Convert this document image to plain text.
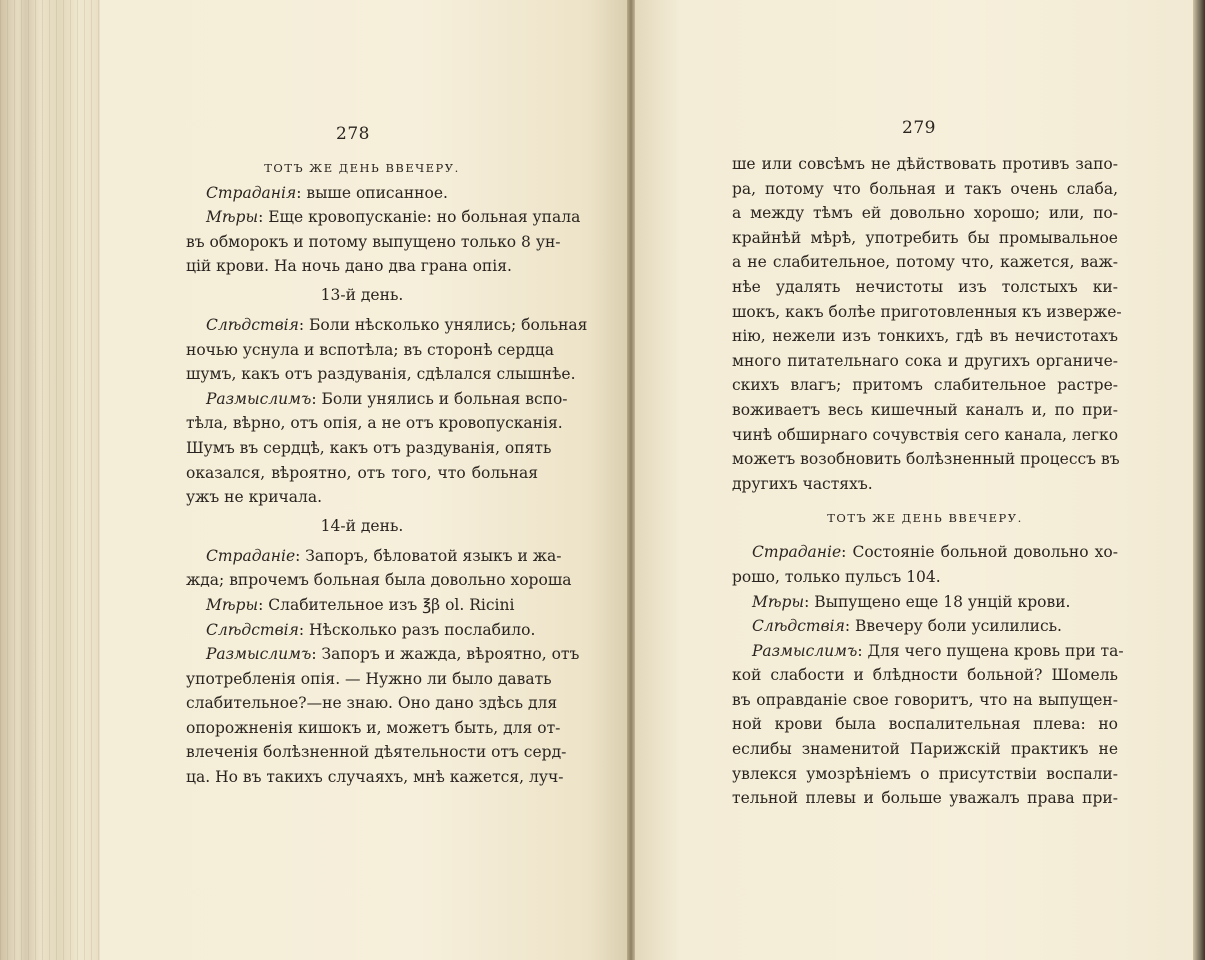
278
ТОТЪ ЖЕ ДЕНЬ ВВЕЧЕРУ.
Страданія: выше описанное.
Мѣры: Еще кровопусканіе: но больная упала
въ обморокъ и потому выпущено только 8 ун-
цій крови. На ночь дано два грана опія.
13-й день.
Слѣдствія: Боли нѣсколько унялись; больная
ночью уснула и вспотѣла; въ сторонѣ сердца
шумъ, какъ отъ раздуванія, сдѣлался слышнѣе.
Размыслимъ: Боли унялись и больная вспо-
тѣла, вѣрно, отъ опія, а не отъ кровопусканія.
Шумъ въ сердцѣ, какъ отъ раздуванія, опять
оказался, вѣроятно, отъ того, что больная
ужъ не кричала.
14-й день.
Страданіе: Запоръ, бѣловатой языкъ и жа-
жда; впрочемъ больная была довольно хороша
Мѣры: Слабительное изъ ℥β ol. Ricini
Слѣдствія: Нѣсколько разъ послабило.
Размыслимъ: Запоръ и жажда, вѣроятно, отъ
употребленія опія. — Нужно ли было давать
слабительное?—не знаю. Оно дано здѣсь для
опорожненія кишокъ и, можетъ быть, для от-
влеченія болѣзненной дѣятельности отъ серд-
ца. Но въ такихъ случаяхъ, мнѣ кажется, луч-
279
ше или совсѣмъ не дѣйствовать противъ запо-
ра, потому что больная и такъ очень слаба,
а между тѣмъ ей довольно хорошо; или, по-
крайнѣй мѣрѣ, употребить бы промывальное
а не слабительное, потому что, кажется, важ-
нѣе удалять нечистоты изъ толстыхъ ки-
шокъ, какъ болѣе приготовленныя къ изверже-
нію, нежели изъ тонкихъ, гдѣ въ нечистотахъ
много питательнаго сока и другихъ органиче-
скихъ влагъ; притомъ слабительное растре-
воживаетъ весь кишечный каналъ и, по при-
чинѣ обширнаго сочувствія сего канала, легко
можетъ возобновить болѣзненный процессъ въ
другихъ частяхъ.
ТОТЪ ЖЕ ДЕНЬ ВВЕЧЕРУ.
Страданіе: Состояніе больной довольно хо-
рошо, только пульсъ 104.
Мѣры: Выпущено еще 18 унцій крови.
Слѣдствія: Ввечеру боли усилились.
Размыслимъ: Для чего пущена кровь при та-
кой слабости и блѣдности больной? Шомель
въ оправданіе свое говоритъ, что на выпущен-
ной крови была воспалительная плева: но
еслибы знаменитой Парижскій практикъ не
увлекся умозрѣніемъ о присутствіи воспали-
тельной плевы и больше уважалъ права при-
